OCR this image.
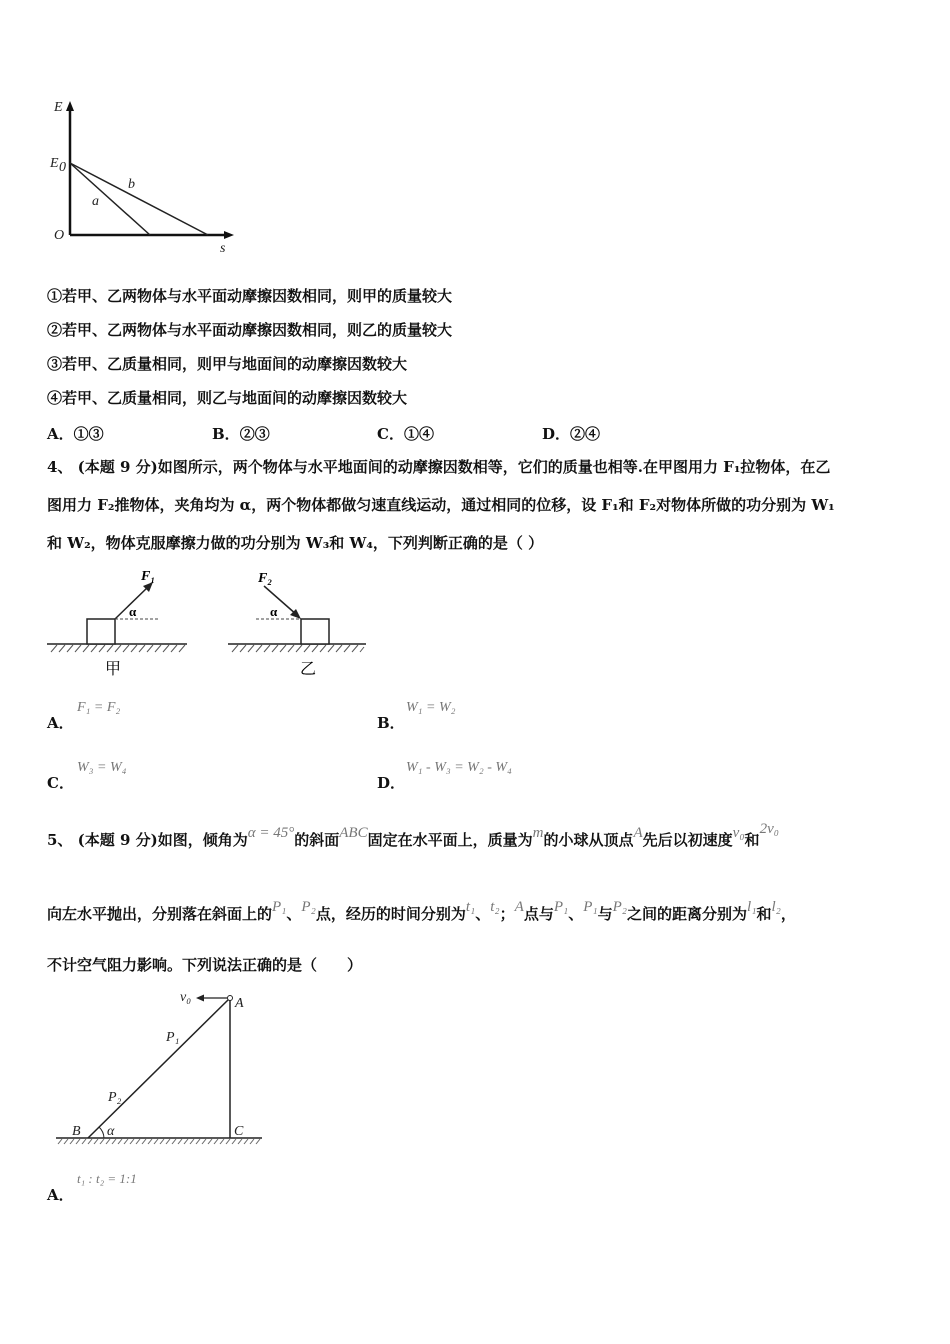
E
s
O
E 0
a
b
①若甲、乙两物体与水平面动摩擦因数相同，则甲的质量较大
②若甲、乙两物体与水平面动摩擦因数相同，则乙的质量较大
③若甲、乙质量相同，则甲与地面间的动摩擦因数较大
④若甲、乙质量相同，则乙与地面间的动摩擦因数较大
A．①③	B．②③	C．①④	D．②④
4、 (本题 9 分)如图所示，两个物体与水平地面间的动摩擦因数相等，它们的质量也相等.在甲图用力 F₁拉物体，在乙
图用力 F₂推物体，夹角均为 α，两个物体都做匀速直线运动，通过相同的位移，设 F₁和 F₂对物体所做的功分别为 W₁
和 W₂，物体克服摩擦力做的功分别为 W₃和 W₄，下列判断正确的是（ ）
F₁
α
甲
F₂
α
乙
A．
F₁ = F₂
B．
W₁ = W₂
C．
W₃ = W₄
D．
W₁ - W₃ = W₂ - W₄
5、 (本题 9 分)如图，倾角为α = 45°的斜面ABC固定在水平面上，质量为m的小球从顶点A先后以初速度v₀和2v₀
向左水平抛出，分别落在斜面上的P₁、P₂点，经历的时间分别为t₁、t₂；A点与P₁、P₁与P₂之间的距离分别为l₁和l₂，
不计空气阻力影响。下列说法正确的是（　　）
v₀	A
B	C
P₁
P₂
α
A．
t₁ : t₂ = 1:1
